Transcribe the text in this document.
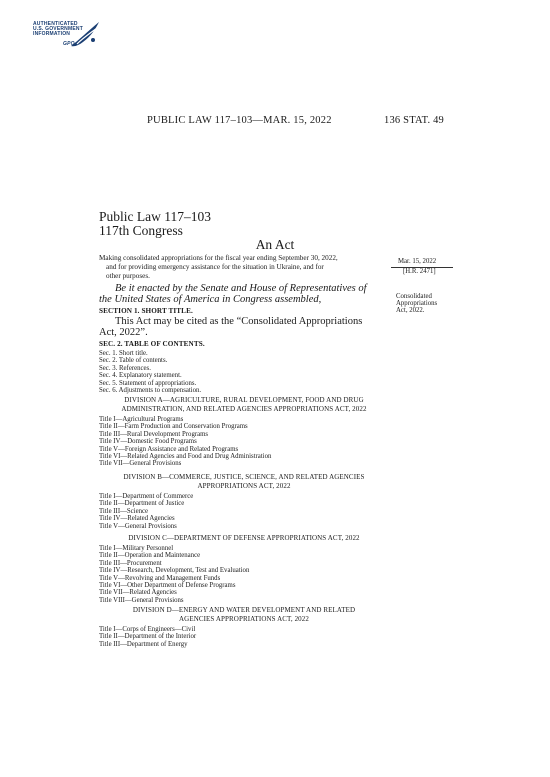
AUTHENTICATED
U.S. GOVERNMENT
INFORMATION
GPO
PUBLIC LAW 117–103—MAR. 15, 2022	136 STAT. 49
Public Law 117–103
117th Congress
An Act
Making consolidated appropriations for the fiscal year ending September 30, 2022,
and for providing emergency assistance for the situation in Ukraine, and for
other purposes.
Mar. 15, 2022
[H.R. 2471]
Consolidated
Appropriations
Act, 2022.
Be it enacted by the Senate and House of Representatives of
the United States of America in Congress assembled,
SECTION 1. SHORT TITLE.
This Act may be cited as the “Consolidated Appropriations
Act, 2022”.
SEC. 2. TABLE OF CONTENTS.
Sec. 1. Short title.
Sec. 2. Table of contents.
Sec. 3. References.
Sec. 4. Explanatory statement.
Sec. 5. Statement of appropriations.
Sec. 6. Adjustments to compensation.
DIVISION A—AGRICULTURE, RURAL DEVELOPMENT, FOOD AND DRUG
ADMINISTRATION, AND RELATED AGENCIES APPROPRIATIONS ACT, 2022
Title I—Agricultural Programs
Title II—Farm Production and Conservation Programs
Title III—Rural Development Programs
Title IV—Domestic Food Programs
Title V—Foreign Assistance and Related Programs
Title VI—Related Agencies and Food and Drug Administration
Title VII—General Provisions
DIVISION B—COMMERCE, JUSTICE, SCIENCE, AND RELATED AGENCIES
APPROPRIATIONS ACT, 2022
Title I—Department of Commerce
Title II—Department of Justice
Title III—Science
Title IV—Related Agencies
Title V—General Provisions
DIVISION C—DEPARTMENT OF DEFENSE APPROPRIATIONS ACT, 2022
Title I—Military Personnel
Title II—Operation and Maintenance
Title III—Procurement
Title IV—Research, Development, Test and Evaluation
Title V—Revolving and Management Funds
Title VI—Other Department of Defense Programs
Title VII—Related Agencies
Title VIII—General Provisions
DIVISION D—ENERGY AND WATER DEVELOPMENT AND RELATED
AGENCIES APPROPRIATIONS ACT, 2022
Title I—Corps of Engineers—Civil
Title II—Department of the Interior
Title III—Department of Energy
